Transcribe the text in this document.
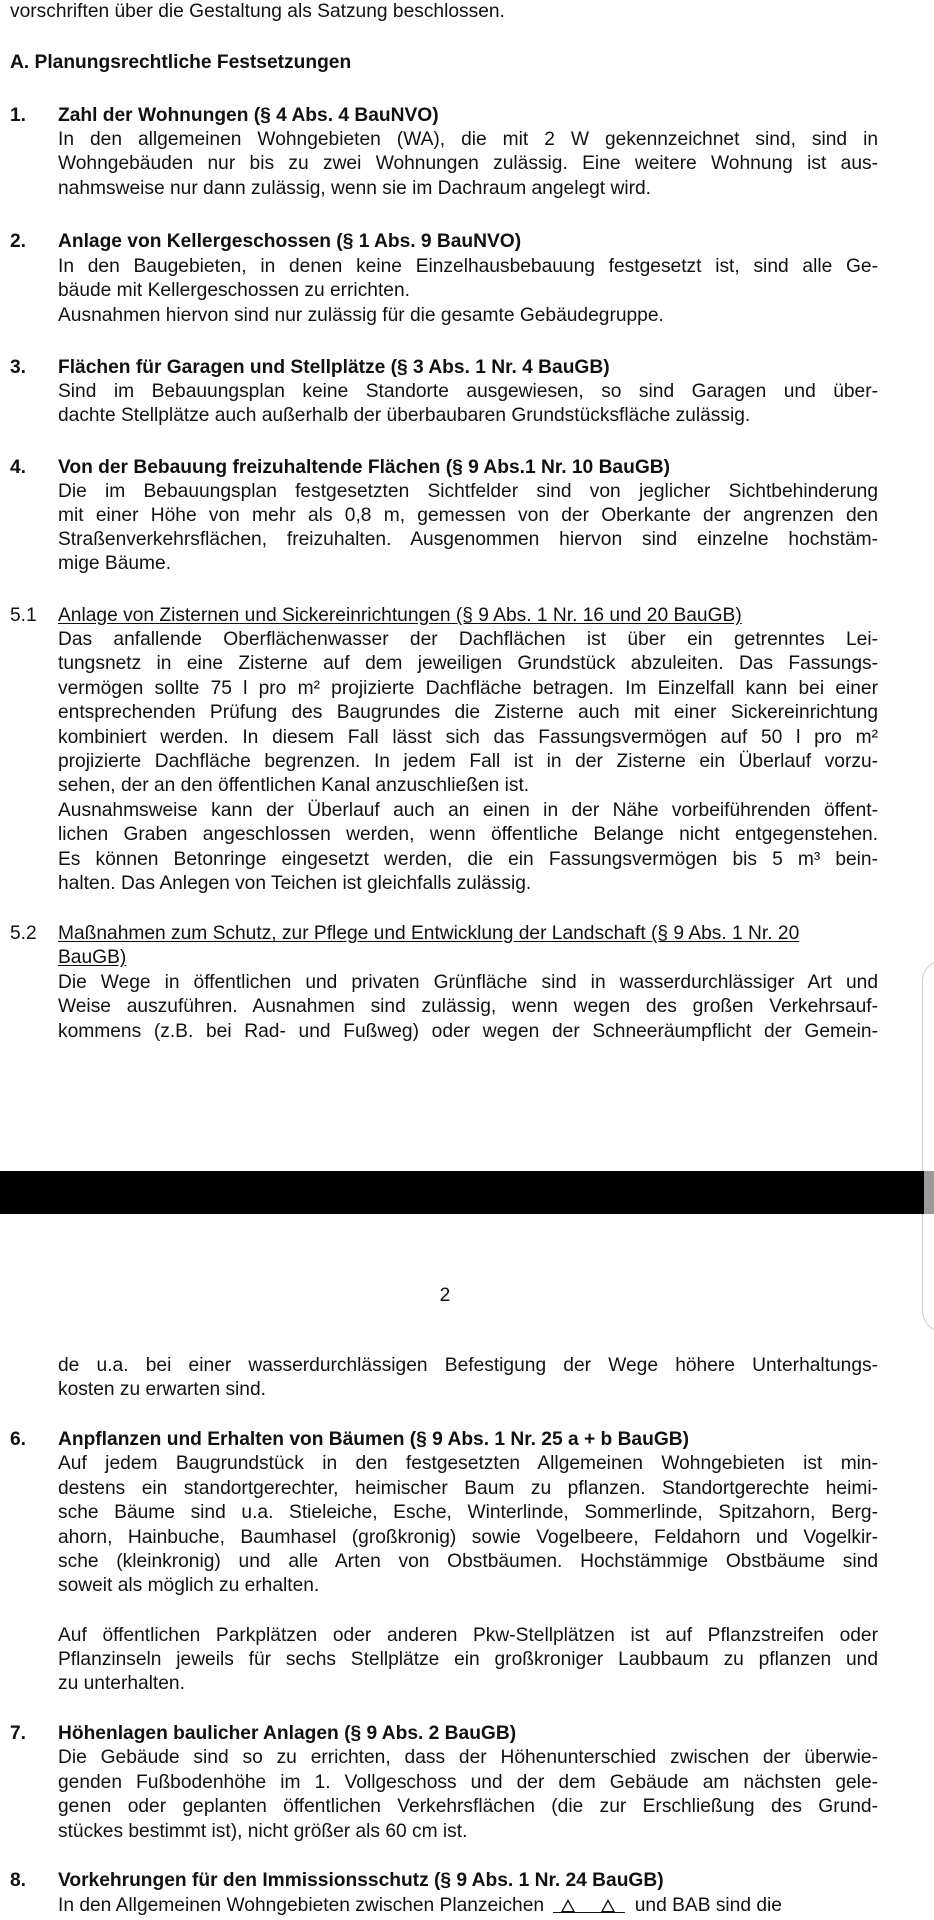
vorschriften über die Gestaltung als Satzung beschlossen.
A. Planungsrechtliche Festsetzungen
1. Zahl der Wohnungen (§ 4 Abs. 4 BauNVO)
In den allgemeinen Wohngebieten (WA), die mit 2 W gekennzeichnet sind, sind in
Wohngebäuden nur bis zu zwei Wohnungen zulässig. Eine weitere Wohnung ist aus-
nahmsweise nur dann zulässig, wenn sie im Dachraum angelegt wird.
2. Anlage von Kellergeschossen (§ 1 Abs. 9 BauNVO)
In den Baugebieten, in denen keine Einzelhausbebauung festgesetzt ist, sind alle Ge-
bäude mit Kellergeschossen zu errichten.
Ausnahmen hiervon sind nur zulässig für die gesamte Gebäudegruppe.
3. Flächen für Garagen und Stellplätze (§ 3 Abs. 1 Nr. 4 BauGB)
Sind im Bebauungsplan keine Standorte ausgewiesen, so sind Garagen und über-
dachte Stellplätze auch außerhalb der überbaubaren Grundstücksfläche zulässig.
4. Von der Bebauung freizuhaltende Flächen (§ 9 Abs.1 Nr. 10 BauGB)
Die im Bebauungsplan festgesetzten Sichtfelder sind von jeglicher Sichtbehinderung
mit einer Höhe von mehr als 0,8 m, gemessen von der Oberkante der angrenzen den
Straßenverkehrsflächen, freizuhalten. Ausgenommen hiervon sind einzelne hochstäm-
mige Bäume.
5.1 Anlage von Zisternen und Sickereinrichtungen (§ 9 Abs. 1 Nr. 16 und 20 BauGB)
Das anfallende Oberflächenwasser der Dachflächen ist über ein getrenntes Lei-
tungsnetz in eine Zisterne auf dem jeweiligen Grundstück abzuleiten. Das Fassungs-
vermögen sollte 75 l pro m² projizierte Dachfläche betragen. Im Einzelfall kann bei einer
entsprechenden Prüfung des Baugrundes die Zisterne auch mit einer Sickereinrichtung
kombiniert werden. In diesem Fall lässt sich das Fassungsvermögen auf 50 l pro m²
projizierte Dachfläche begrenzen. In jedem Fall ist in der Zisterne ein Überlauf vorzu-
sehen, der an den öffentlichen Kanal anzuschließen ist.
Ausnahmsweise kann der Überlauf auch an einen in der Nähe vorbeiführenden öffent-
lichen Graben angeschlossen werden, wenn öffentliche Belange nicht entgegenstehen.
Es können Betonringe eingesetzt werden, die ein Fassungsvermögen bis 5 m³ bein-
halten. Das Anlegen von Teichen ist gleichfalls zulässig.
5.2 Maßnahmen zum Schutz, zur Pflege und Entwicklung der Landschaft (§ 9 Abs. 1 Nr. 20
BauGB)
Die Wege in öffentlichen und privaten Grünfläche sind in wasserdurchlässiger Art und
Weise auszuführen. Ausnahmen sind zulässig, wenn wegen des großen Verkehrsauf-
kommens (z.B. bei Rad- und Fußweg) oder wegen der Schneeräumpflicht der Gemein-
2
de u.a. bei einer wasserdurchlässigen Befestigung der Wege höhere Unterhaltungs-
kosten zu erwarten sind.
6. Anpflanzen und Erhalten von Bäumen (§ 9 Abs. 1 Nr. 25 a + b BauGB)
Auf jedem Baugrundstück in den festgesetzten Allgemeinen Wohngebieten ist min-
destens ein standortgerechter, heimischer Baum zu pflanzen. Standortgerechte heimi-
sche Bäume sind u.a. Stieleiche, Esche, Winterlinde, Sommerlinde, Spitzahorn, Berg-
ahorn, Hainbuche, Baumhasel (großkronig) sowie Vogelbeere, Feldahorn und Vogelkir-
sche (kleinkronig) und alle Arten von Obstbäumen. Hochstämmige Obstbäume sind
soweit als möglich zu erhalten.
Auf öffentlichen Parkplätzen oder anderen Pkw-Stellplätzen ist auf Pflanzstreifen oder
Pflanzinseln jeweils für sechs Stellplätze ein großkroniger Laubbaum zu pflanzen und
zu unterhalten.
7. Höhenlagen baulicher Anlagen (§ 9 Abs. 2 BauGB)
Die Gebäude sind so zu errichten, dass der Höhenunterschied zwischen der überwie-
genden Fußbodenhöhe im 1. Vollgeschoss und der dem Gebäude am nächsten gele-
genen oder geplanten öffentlichen Verkehrsflächen (die zur Erschließung des Grund-
stückes bestimmt ist), nicht größer als 60 cm ist.
8. Vorkehrungen für den Immissionsschutz (§ 9 Abs. 1 Nr. 24 BauGB)
In den Allgemeinen Wohngebieten zwischen Planzeichen	und BAB sind die
